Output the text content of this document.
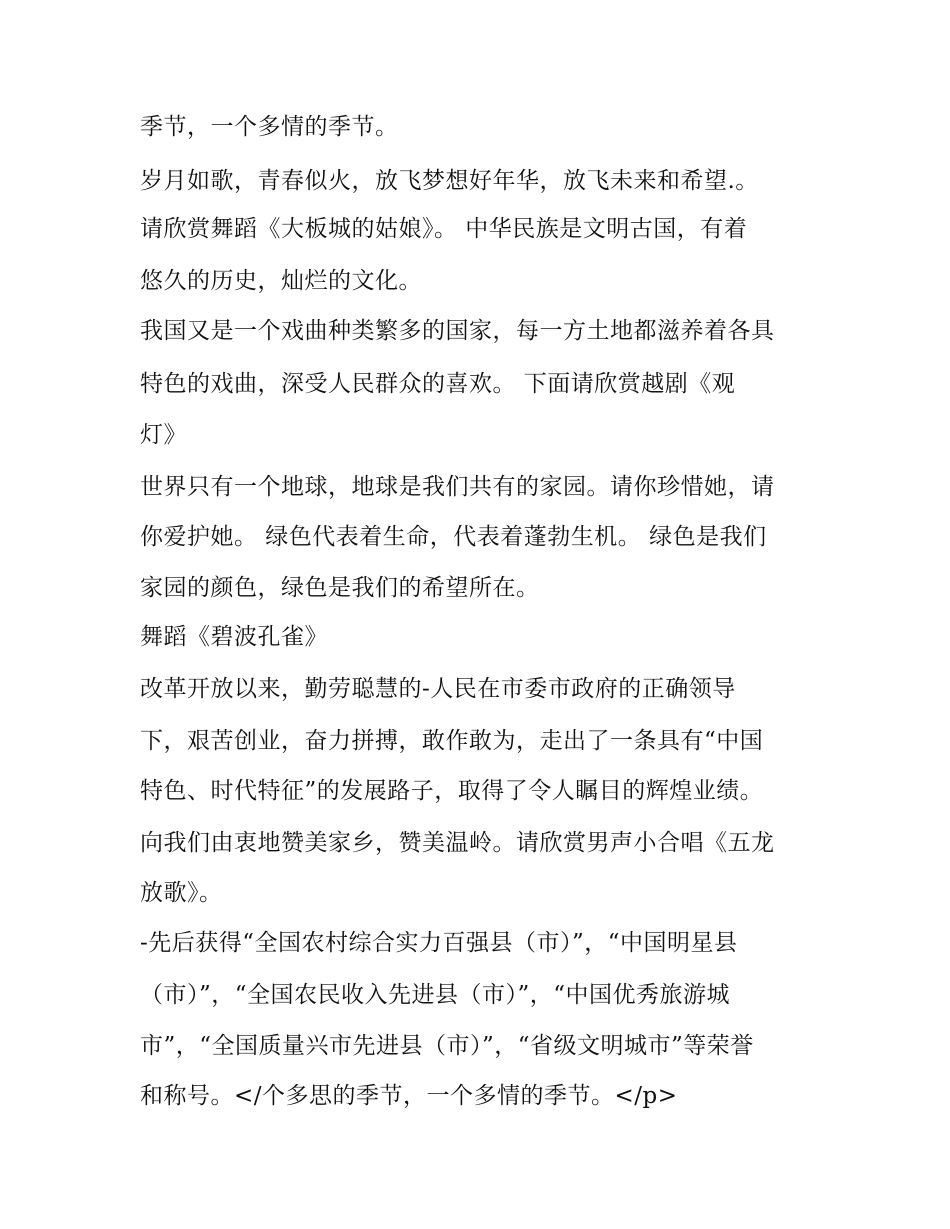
季节，一个多情的季节。
岁月如歌，青春似火，放飞梦想好年华，放飞未来和希望.。
请欣赏舞蹈《大板城的姑娘》。 中华民族是文明古国，有着
悠久的历史，灿烂的文化。
我国又是一个戏曲种类繁多的国家，每一方土地都滋养着各具
特色的戏曲，深受人民群众的喜欢。 下面请欣赏越剧《观
灯》
世界只有一个地球，地球是我们共有的家园。请你珍惜她，请
你爱护她。 绿色代表着生命，代表着蓬勃生机。 绿色是我们
家园的颜色，绿色是我们的希望所在。
舞蹈《碧波孔雀》
改革开放以来，勤劳聪慧的-人民在市委市政府的正确领导
下，艰苦创业，奋力拼搏，敢作敢为，走出了一条具有“中国
特色、时代特征”的发展路子，取得了令人瞩目的辉煌业绩。
向我们由衷地赞美家乡，赞美温岭。请欣赏男声小合唱《五龙
放歌》。
-先后获得“全国农村综合实力百强县（市）”，“中国明星县
（市）”，“全国农民收入先进县（市）”，“中国优秀旅游城
市”，“全国质量兴市先进县（市）”，“省级文明城市”等荣誉
和称号。</个多思的季节，一个多情的季节。</p>
